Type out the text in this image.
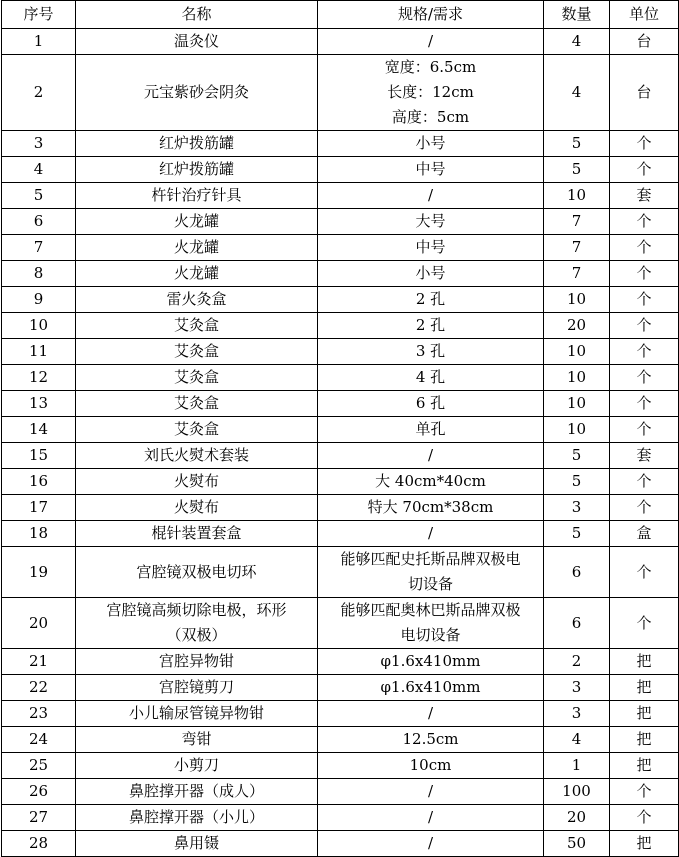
序号	名称	规格/需求	数量	单位
1	温灸仪	/	4	台
2	元宝紫砂会阴灸	宽度：6.5cm
长度：12cm
高度：5cm	4	台
3	红炉拨筋罐	小号	5	个
4	红炉拨筋罐	中号	5	个
5	杵针治疗针具	/	10	套
6	火龙罐	大号	7	个
7	火龙罐	中号	7	个
8	火龙罐	小号	7	个
9	雷火灸盒	2 孔	10	个
10	艾灸盒	2 孔	20	个
11	艾灸盒	3 孔	10	个
12	艾灸盒	4 孔	10	个
13	艾灸盒	6 孔	10	个
14	艾灸盒	单孔	10	个
15	刘氏火熨术套装	/	5	套
16	火熨布	大 40cm*40cm	5	个
17	火熨布	特大 70cm*38cm	3	个
18	棍针装置套盒	/	5	盒
19	宫腔镜双极电切环	能够匹配史托斯品牌双极电
切设备	6	个
20	宫腔镜高频切除电极，环形
（双极）	能够匹配奥林巴斯品牌双极
电切设备	6	个
21	宫腔异物钳	φ1.6x410mm	2	把
22	宫腔镜剪刀	φ1.6x410mm	3	把
23	小儿输尿管镜异物钳	/	3	把
24	弯钳	12.5cm	4	把
25	小剪刀	10cm	1	把
26	鼻腔撑开器（成人）	/	100	个
27	鼻腔撑开器（小儿）	/	20	个
28	鼻用镊	/	50	把
